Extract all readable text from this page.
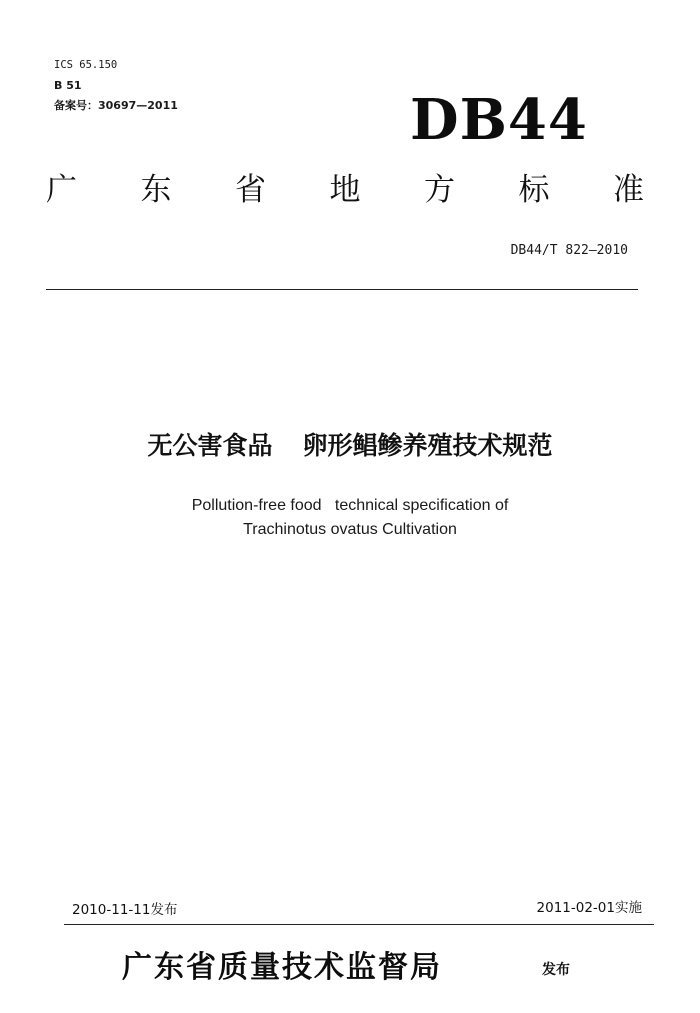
ICS 65.150
B 51
备案号：30697—2011	DB44
广 东 省 地 方 标 准
DB44/T 822—2010
无公害食品 卵形鲳鲹养殖技术规范
Pollution-free food   technical specification of
Trachinotus ovatus Cultivation
2010-11-11发布	2011-02-01实施
广东省质量技术监督局	发布
